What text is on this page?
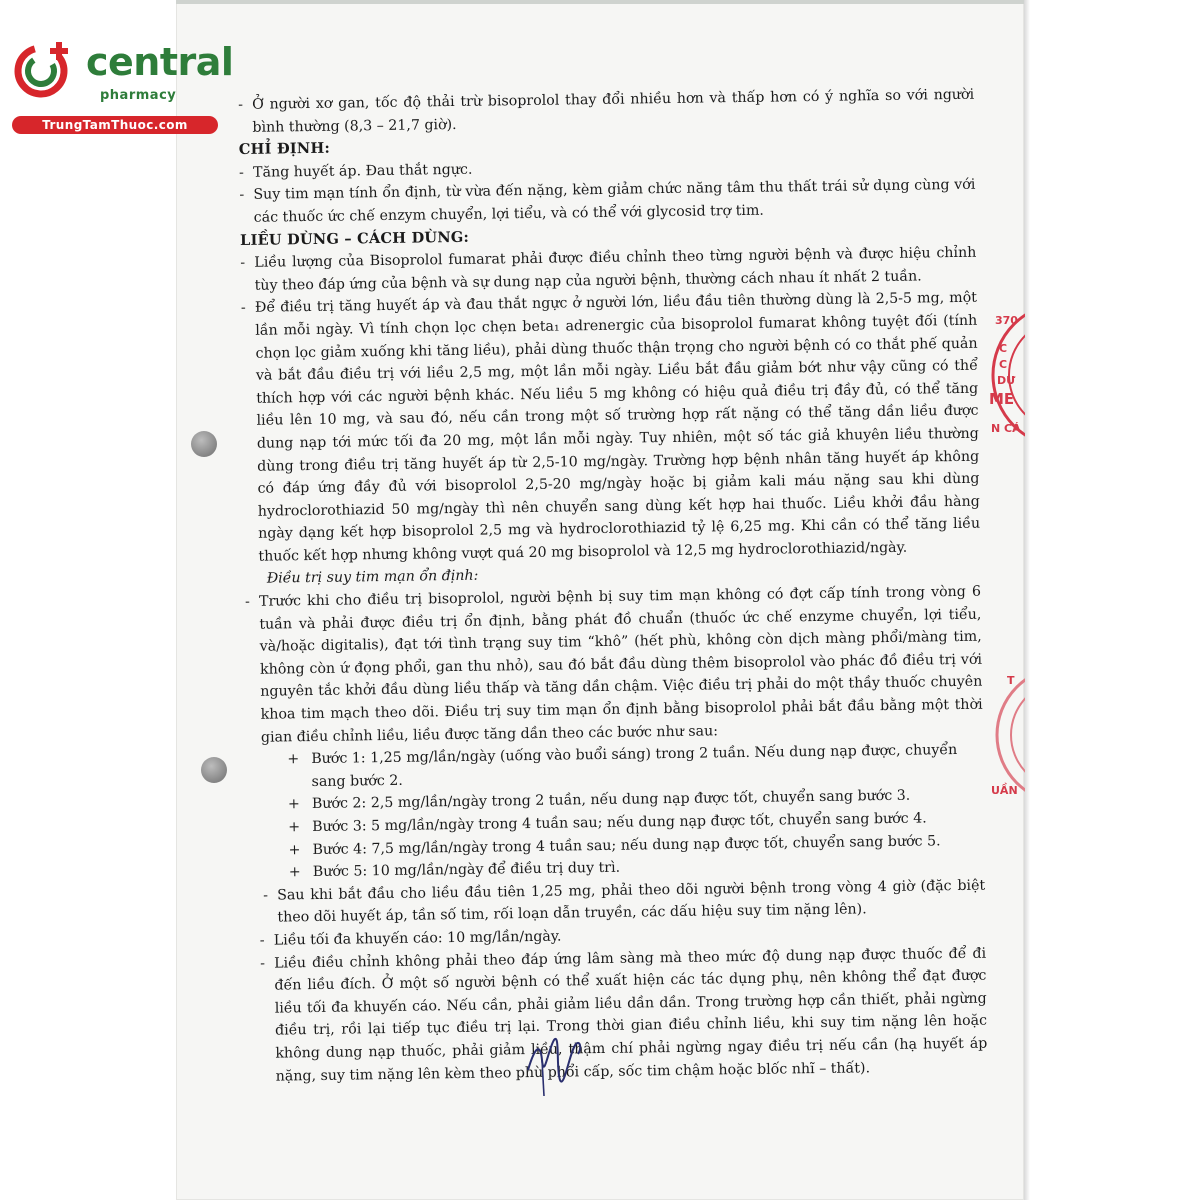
central
pharmacy
TrungTamThuoc.com
- Ở người xơ gan, tốc độ thải trừ bisoprolol thay đổi nhiều hơn và thấp hơn có ý nghĩa so với người bình thường (8,3 – 21,7 giờ).
CHỈ ĐỊNH:
- Tăng huyết áp. Đau thắt ngực.
- Suy tim mạn tính ổn định, từ vừa đến nặng, kèm giảm chức năng tâm thu thất trái sử dụng cùng với các thuốc ức chế enzym chuyển, lợi tiểu, và có thể với glycosid trợ tim.
LIỀU DÙNG – CÁCH DÙNG:
- Liều lượng của Bisoprolol fumarat phải được điều chỉnh theo từng người bệnh và được hiệu chỉnh tùy theo đáp ứng của bệnh và sự dung nạp của người bệnh, thường cách nhau ít nhất 2 tuần.
- Để điều trị tăng huyết áp và đau thắt ngực ở người lớn, liều đầu tiên thường dùng là 2,5-5 mg, một lần mỗi ngày. Vì tính chọn lọc chẹn beta₁ adrenergic của bisoprolol fumarat không tuyệt đối (tính chọn lọc giảm xuống khi tăng liều), phải dùng thuốc thận trọng cho người bệnh có co thắt phế quản và bắt đầu điều trị với liều 2,5 mg, một lần mỗi ngày. Liều bắt đầu giảm bớt như vậy cũng có thể thích hợp với các người bệnh khác. Nếu liều 5 mg không có hiệu quả điều trị đầy đủ, có thể tăng liều lên 10 mg, và sau đó, nếu cần trong một số trường hợp rất nặng có thể tăng dần liều được dung nạp tới mức tối đa 20 mg, một lần mỗi ngày. Tuy nhiên, một số tác giả khuyên liều thường dùng trong điều trị tăng huyết áp từ 2,5-10 mg/ngày. Trường hợp bệnh nhân tăng huyết áp không có đáp ứng đầy đủ với bisoprolol 2,5-20 mg/ngày hoặc bị giảm kali máu nặng sau khi dùng hydroclorothiazid 50 mg/ngày thì nên chuyển sang dùng kết hợp hai thuốc. Liều khởi đầu hàng ngày dạng kết hợp bisoprolol 2,5 mg và hydroclorothiazid tỷ lệ 6,25 mg. Khi cần có thể tăng liều thuốc kết hợp nhưng không vượt quá 20 mg bisoprolol và 12,5 mg hydroclorothiazid/ngày.
Điều trị suy tim mạn ổn định:
- Trước khi cho điều trị bisoprolol, người bệnh bị suy tim mạn không có đợt cấp tính trong vòng 6 tuần và phải được điều trị ổn định, bằng phát đồ chuẩn (thuốc ức chế enzyme chuyển, lợi tiểu, và/hoặc digitalis), đạt tới tình trạng suy tim “khô” (hết phù, không còn dịch màng phổi/màng tim, không còn ứ đọng phổi, gan thu nhỏ), sau đó bắt đầu dùng thêm bisoprolol vào phác đồ điều trị với nguyên tắc khởi đầu dùng liều thấp và tăng dần chậm. Việc điều trị phải do một thầy thuốc chuyên khoa tim mạch theo dõi. Điều trị suy tim mạn ổn định bằng bisoprolol phải bắt đầu bằng một thời gian điều chỉnh liều, liều được tăng dần theo các bước như sau:
+ Bước 1: 1,25 mg/lần/ngày (uống vào buổi sáng) trong 2 tuần. Nếu dung nạp được, chuyển sang bước 2.
+ Bước 2: 2,5 mg/lần/ngày trong 2 tuần, nếu dung nạp được tốt, chuyển sang bước 3.
+ Bước 3: 5 mg/lần/ngày trong 4 tuần sau; nếu dung nạp được tốt, chuyển sang bước 4.
+ Bước 4: 7,5 mg/lần/ngày trong 4 tuần sau; nếu dung nạp được tốt, chuyển sang bước 5.
+ Bước 5: 10 mg/lần/ngày để điều trị duy trì.
- Sau khi bắt đầu cho liều đầu tiên 1,25 mg, phải theo dõi người bệnh trong vòng 4 giờ (đặc biệt theo dõi huyết áp, tần số tim, rối loạn dẫn truyền, các dấu hiệu suy tim nặng lên).
- Liều tối đa khuyến cáo: 10 mg/lần/ngày.
- Liều điều chỉnh không phải theo đáp ứng lâm sàng mà theo mức độ dung nạp được thuốc để đi đến liều đích. Ở một số người bệnh có thể xuất hiện các tác dụng phụ, nên không thể đạt được liều tối đa khuyến cáo. Nếu cần, phải giảm liều dần dần. Trong trường hợp cần thiết, phải ngừng điều trị, rồi lại tiếp tục điều trị lại. Trong thời gian điều chỉnh liều, khi suy tim nặng lên hoặc không dung nạp thuốc, phải giảm liều, thậm chí phải ngừng ngay điều trị nếu cần (hạ huyết áp nặng, suy tim nặng lên kèm theo phù phổi cấp, sốc tim chậm hoặc blốc nhĩ – thất).
370
C
C
DƯ
ME
N CÁ
T
UẦN
